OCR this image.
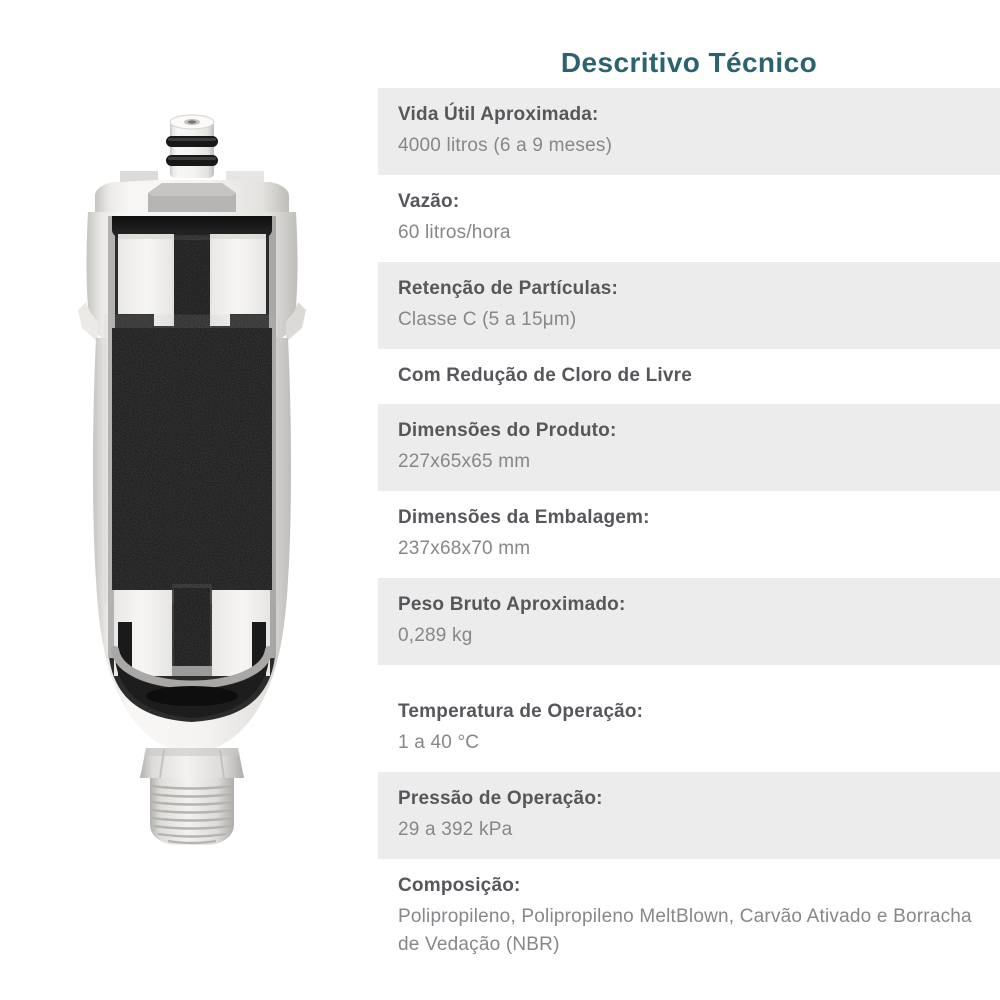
Descritivo Técnico
Vida Útil Aproximada:
4000 litros (6 a 9 meses)
Vazão:
60 litros/hora
Retenção de Partículas:
Classe C (5 a 15μm)
Com Redução de Cloro de Livre
Dimensões do Produto:
227x65x65 mm
Dimensões da Embalagem:
237x68x70 mm
Peso Bruto Aproximado:
0,289 kg
Temperatura de Operação:
1 a 40 °C
Pressão de Operação:
29 a 392 kPa
Composição:
Polipropileno, Polipropileno MeltBlown, Carvão Ativado e Borracha de Vedação (NBR)
